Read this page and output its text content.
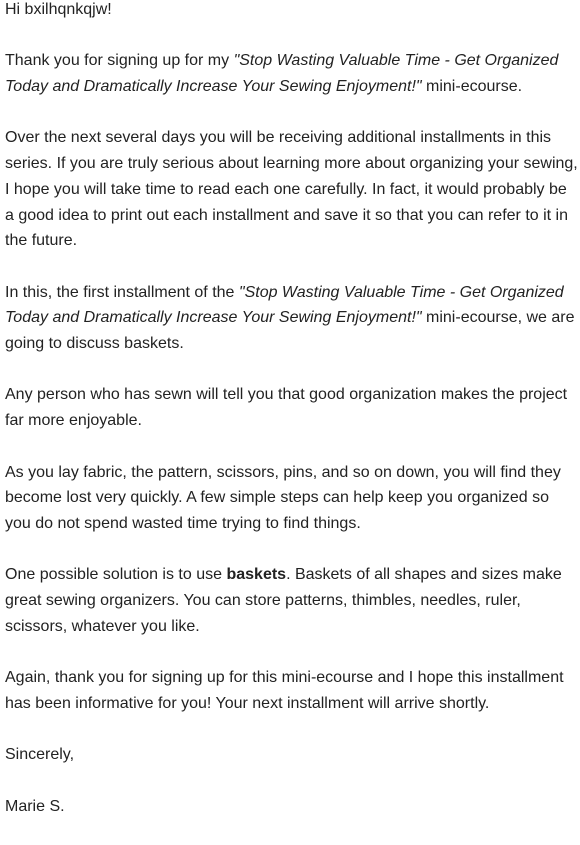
Hi bxilhqnkqjw!

Thank you for signing up for my "Stop Wasting Valuable Time - Get Organized Today and Dramatically Increase Your Sewing Enjoyment!" mini-ecourse.

Over the next several days you will be receiving additional installments in this series. If you are truly serious about learning more about organizing your sewing, I hope you will take time to read each one carefully. In fact, it would probably be a good idea to print out each installment and save it so that you can refer to it in the future.

In this, the first installment of the "Stop Wasting Valuable Time - Get Organized Today and Dramatically Increase Your Sewing Enjoyment!" mini-ecourse, we are going to discuss baskets.

Any person who has sewn will tell you that good organization makes the project far more enjoyable.

As you lay fabric, the pattern, scissors, pins, and so on down, you will find they become lost very quickly. A few simple steps can help keep you organized so you do not spend wasted time trying to find things.

One possible solution is to use baskets. Baskets of all shapes and sizes make great sewing organizers. You can store patterns, thimbles, needles, ruler, scissors, whatever you like.

Again, thank you for signing up for this mini-ecourse and I hope this installment has been informative for you! Your next installment will arrive shortly.

Sincerely,

Marie S.
